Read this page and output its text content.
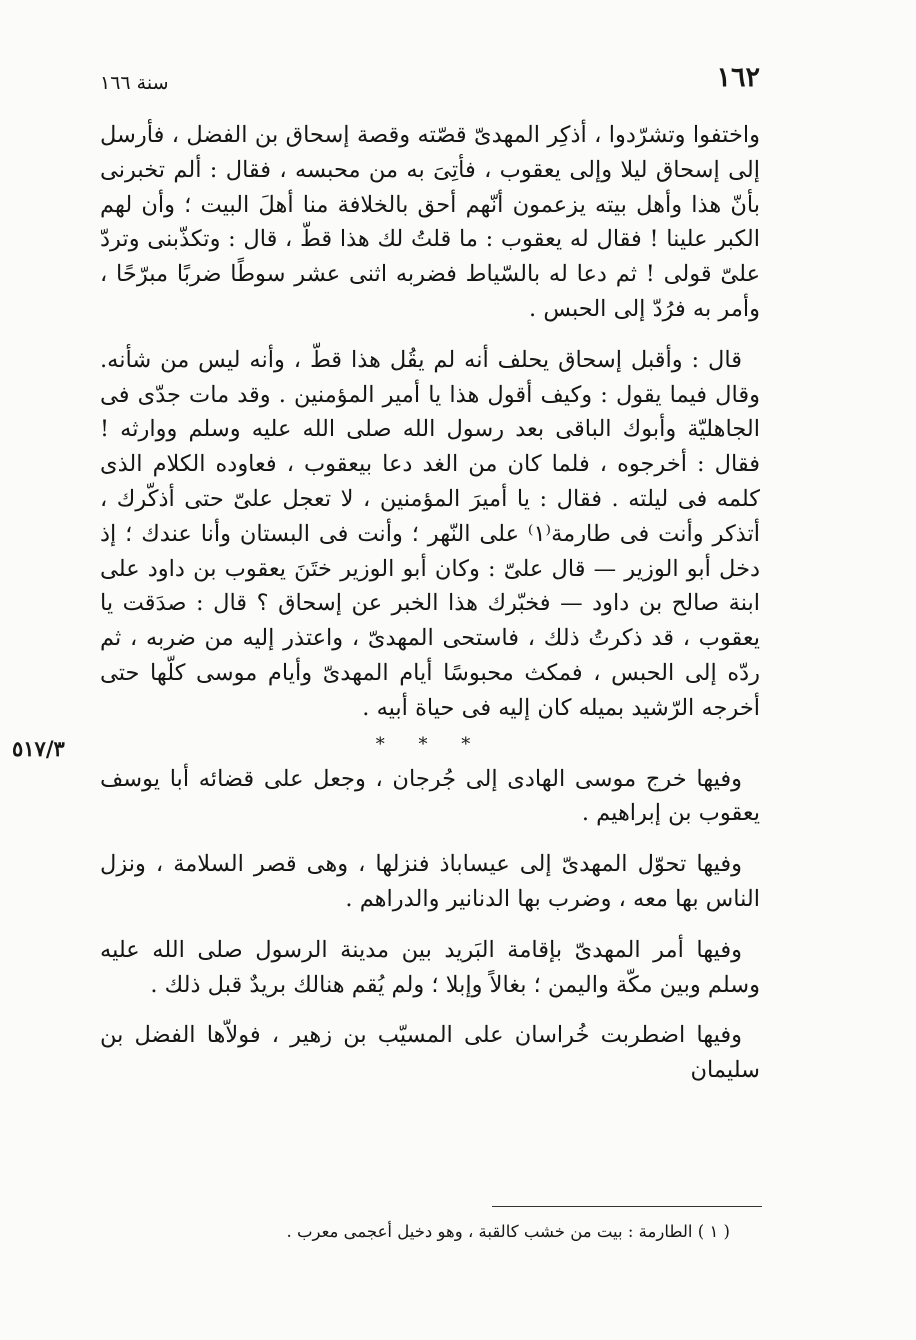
١٦٢
سنة ١٦٦

واختفوا وتشرّدوا ، أذكِر المهدىّ قصّته وقصة إسحاق بن الفضل ، فأرسل إلى إسحاق ليلا وإلى يعقوب ، فأتِىَ به من محبسه ، فقال : ألم تخبرنى بأنّ هذا وأهل بيته يزعمون أنّهم أحق بالخلافة منا أهلَ البيت ؛ وأن لهم الكبر علينا ! فقال له يعقوب : ما قلتُ لك هذا قطّ ، قال : وتكذّبنى وتردّ علىّ قولى ! ثم دعا له بالسّياط فضربه اثنى عشر سوطًا ضربًا مبرّحًا ، وأمر به فرُدّ إلى الحبس .

قال : وأقبل إسحاق يحلف أنه لم يقُل هذا قطّ ، وأنه ليس من شأنه. وقال فيما يقول : وكيف أقول هذا يا أمير المؤمنين . وقد مات جدّى فى الجاهليّة وأبوك الباقى بعد رسول الله صلى الله عليه وسلم ووارثه ! فقال : أخرجوه ، فلما كان من الغد دعا بيعقوب ، فعاوده الكلام الذى كلمه فى ليلته . فقال : يا أميرَ المؤمنين ، لا تعجل علىّ حتى أذكّرك ، أتذكر وأنت فى طارمة⁽١⁾ على النّهر ؛ وأنت فى البستان وأنا عندك ؛ إذ دخل أبو الوزير — قال علىّ : وكان أبو الوزير ختَنَ يعقوب بن داود على ابنة صالح بن داود — فخبّرك هذا الخبر عن إسحاق ؟ قال : صدَقت يا يعقوب ، قد ذكرتُ ذلك ، فاستحى المهدىّ ، واعتذر إليه من ضربه ، ثم ردّه إلى الحبس ، فمكث محبوسًا أيام المهدىّ وأيام موسى كلّها حتى أخرجه الرّشيد بميله كان إليه فى حياة أبيه .

* * *

وفيها خرج موسى الهادى إلى جُرجان ، وجعل على قضائه أبا يوسف يعقوب بن إبراهيم .

وفيها تحوّل المهدىّ إلى عيساباذ فنزلها ، وهى قصر السلامة ، ونزل الناس بها معه ، وضرب بها الدنانير والدراهم .

وفيها أمر المهدىّ بإقامة البَريد بين مدينة الرسول صلى الله عليه وسلم وبين مكّة واليمن ؛ بغالاً وإبلا ؛ ولم يُقم هنالك بريدٌ قبل ذلك .

وفيها اضطربت خُراسان على المسيّب بن زهير ، فولاّها الفضل بن سليمان

٥١٧/٣
( ١ ) الطارمة : بيت من خشب كالقبة ، وهو دخيل أعجمى معرب .
